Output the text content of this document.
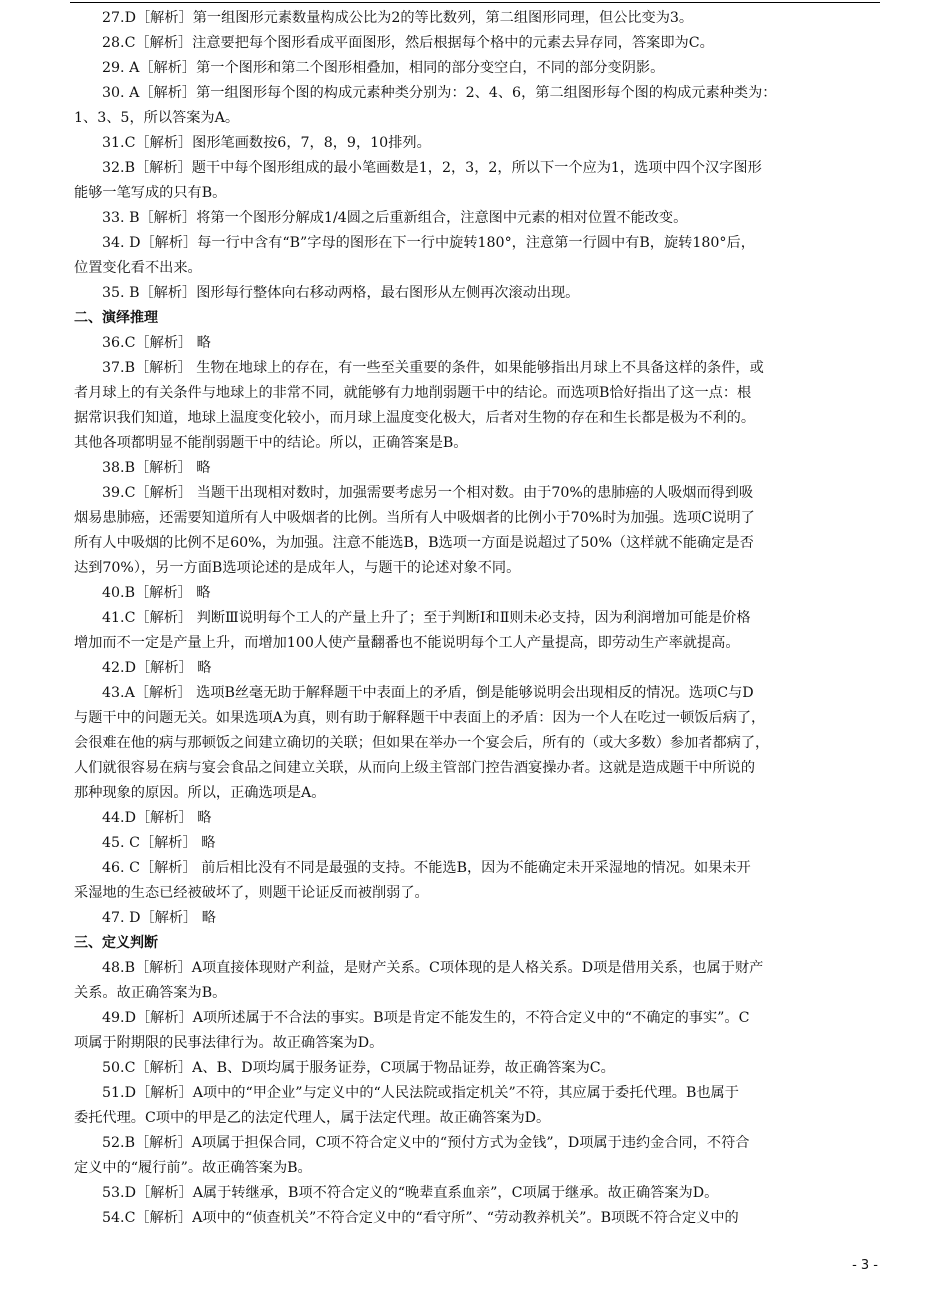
27.D［解析］第一组图形元素数量构成公比为2的等比数列，第二组图形同理，但公比变为3。
28.C［解析］注意要把每个图形看成平面图形，然后根据每个格中的元素去异存同，答案即为C。
29. A［解析］第一个图形和第二个图形相叠加，相同的部分变空白，不同的部分变阴影。
30. A［解析］第一组图形每个图的构成元素种类分别为：2、4、6，第二组图形每个图的构成元素种类为：
1、3、5，所以答案为A。
31.C［解析］图形笔画数按6，7，8，9，10排列。
32.B［解析］题干中每个图形组成的最小笔画数是1，2，3，2，所以下一个应为1，选项中四个汉字图形
能够一笔写成的只有B。
33. B［解析］将第一个图形分解成1/4圆之后重新组合，注意图中元素的相对位置不能改变。
34. D［解析］每一行中含有“B”字母的图形在下一行中旋转180°，注意第一行圆中有B，旋转180°后，
位置变化看不出来。
35. B［解析］图形每行整体向右移动两格，最右图形从左侧再次滚动出现。
二、演绎推理
36.C［解析］ 略
37.B［解析］ 生物在地球上的存在，有一些至关重要的条件，如果能够指出月球上不具备这样的条件，或
者月球上的有关条件与地球上的非常不同，就能够有力地削弱题干中的结论。而选项B恰好指出了这一点：根
据常识我们知道，地球上温度变化较小，而月球上温度变化极大，后者对生物的存在和生长都是极为不利的。
其他各项都明显不能削弱题干中的结论。所以，正确答案是B。
38.B［解析］ 略
39.C［解析］ 当题干出现相对数时，加强需要考虑另一个相对数。由于70%的患肺癌的人吸烟而得到吸
烟易患肺癌，还需要知道所有人中吸烟者的比例。当所有人中吸烟者的比例小于70%时为加强。选项C说明了
所有人中吸烟的比例不足60%，为加强。注意不能选B，B选项一方面是说超过了50%（这样就不能确定是否
达到70%），另一方面B选项论述的是成年人，与题干的论述对象不同。
40.B［解析］ 略
41.C［解析］ 判断Ⅲ说明每个工人的产量上升了；至于判断Ⅰ和Ⅱ则未必支持，因为利润增加可能是价格
增加而不一定是产量上升，而增加100人使产量翻番也不能说明每个工人产量提高，即劳动生产率就提高。
42.D［解析］ 略
43.A［解析］ 选项B丝毫无助于解释题干中表面上的矛盾，倒是能够说明会出现相反的情况。选项C与D
与题干中的问题无关。如果选项A为真，则有助于解释题干中表面上的矛盾：因为一个人在吃过一顿饭后病了，
会很难在他的病与那顿饭之间建立确切的关联；但如果在举办一个宴会后，所有的（或大多数）参加者都病了，
人们就很容易在病与宴会食品之间建立关联，从而向上级主管部门控告酒宴操办者。这就是造成题干中所说的
那种现象的原因。所以，正确选项是A。
44.D［解析］ 略
45. C［解析］ 略
46. C［解析］ 前后相比没有不同是最强的支持。不能选B，因为不能确定未开采湿地的情况。如果未开
采湿地的生态已经被破坏了，则题干论证反而被削弱了。
47. D［解析］ 略
三、定义判断
48.B［解析］A项直接体现财产利益，是财产关系。C项体现的是人格关系。D项是借用关系，也属于财产
关系。故正确答案为B。
49.D［解析］A项所述属于不合法的事实。B项是肯定不能发生的，不符合定义中的“不确定的事实”。C
项属于附期限的民事法律行为。故正确答案为D。
50.C［解析］A、B、D项均属于服务证券，C项属于物品证券，故正确答案为C。
51.D［解析］A项中的“甲企业”与定义中的“人民法院或指定机关”不符，其应属于委托代理。B也属于
委托代理。C项中的甲是乙的法定代理人，属于法定代理。故正确答案为D。
52.B［解析］A项属于担保合同，C项不符合定义中的“预付方式为金钱”，D项属于违约金合同，不符合
定义中的“履行前”。故正确答案为B。
53.D［解析］A属于转继承，B项不符合定义的“晚辈直系血亲”，C项属于继承。故正确答案为D。
54.C［解析］A项中的“侦查机关”不符合定义中的“看守所”、“劳动教养机关”。B项既不符合定义中的
- 3 -
